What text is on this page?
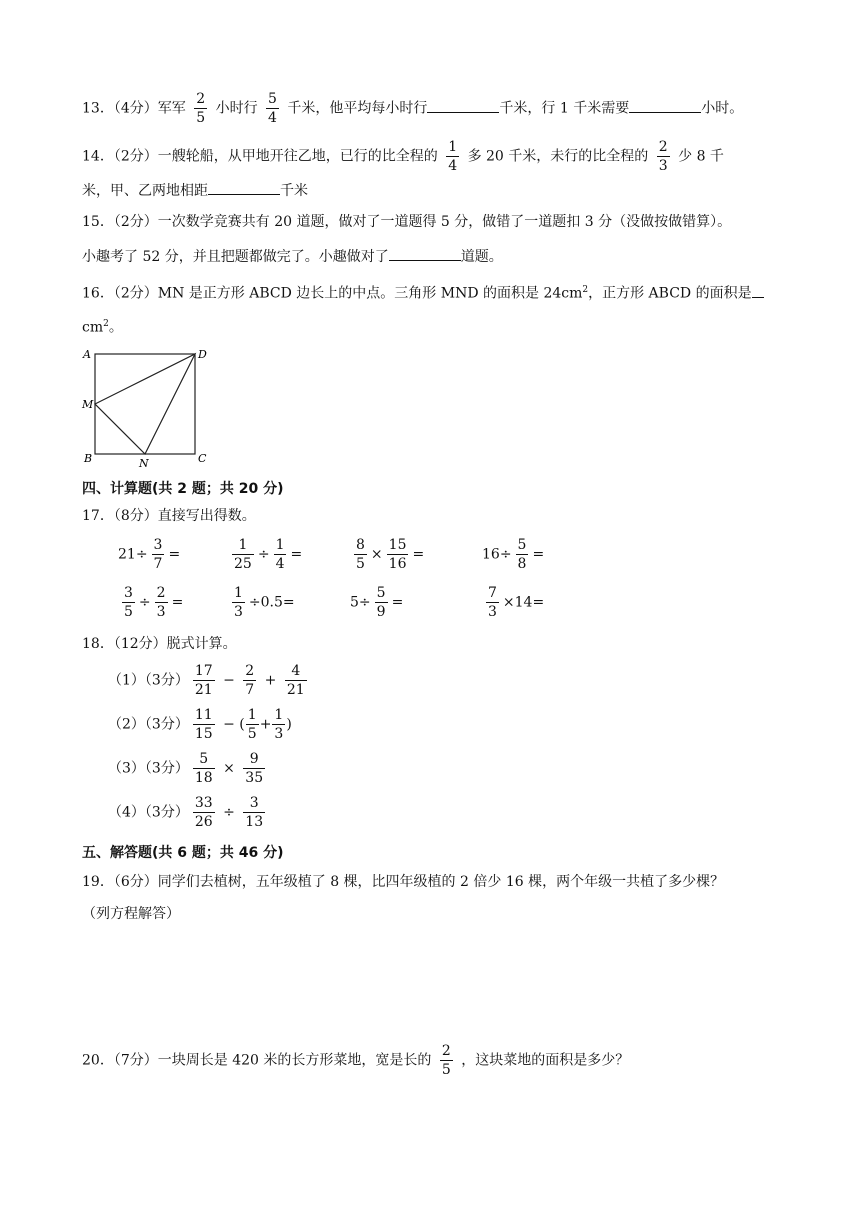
13．（4分）军军 $\frac{2}{5}$ 小时行 $\frac{5}{4}$ 千米，他平均每小时行	千米，行 1 千米需要	小时。
14．（2分）一艘轮船，从甲地开往乙地，已行的比全程的 $\frac{1}{4}$ 多 20 千米，未行的比全程的 $\frac{2}{3}$ 少 8 千
米，甲、乙两地相距	千米
15．（2分）一次数学竞赛共有 20 道题，做对了一道题得 5 分，做错了一道题扣 3 分（没做按做错算）。
小趣考了 52 分，并且把题都做完了。小趣做对了	道题。
16．（2分）MN 是正方形 ABCD 边长上的中点。三角形 MND 的面积是 $24cm^2$，正方形 ABCD 的面积是
$cm^2$。
A	D
M
B	C
N
四、计算题(共 2 题；共 20 分)
17．（8分）直接写出得数。
$21\div \frac{3}{7}$ =	$\frac{1}{25} \div \frac{1}{4}$ =	$\frac{8}{5} \times \frac{15}{16}$ =	$16\div \frac{5}{8}$ =
$\frac{3}{5} \div \frac{2}{3}$ =	$\frac{1}{3} \div 0.5=$	$5\div \frac{5}{9}$ =	$\frac{7}{3} \times 14=$
18．（12分）脱式计算。
（1）（3分） $\frac{17}{21} - \frac{2}{7} + \frac{4}{21}$
（2）（3分） $\frac{11}{15}$ − ( $\frac{1}{5} + \frac{1}{3}$ )
（3）（3分） $\frac{5}{18} \times \frac{9}{35}$
（4）（3分） $\frac{33}{26} \div \frac{3}{13}$
五、解答题(共 6 题；共 46 分)
19．（6分）同学们去植树，五年级植了 8 棵，比四年级植的 2 倍少 16 棵，两个年级一共植了多少棵？
（列方程解答）
20．（7分）一块周长是 420 米的长方形菜地，宽是长的 $\frac{2}{5}$ ，这块菜地的面积是多少？
